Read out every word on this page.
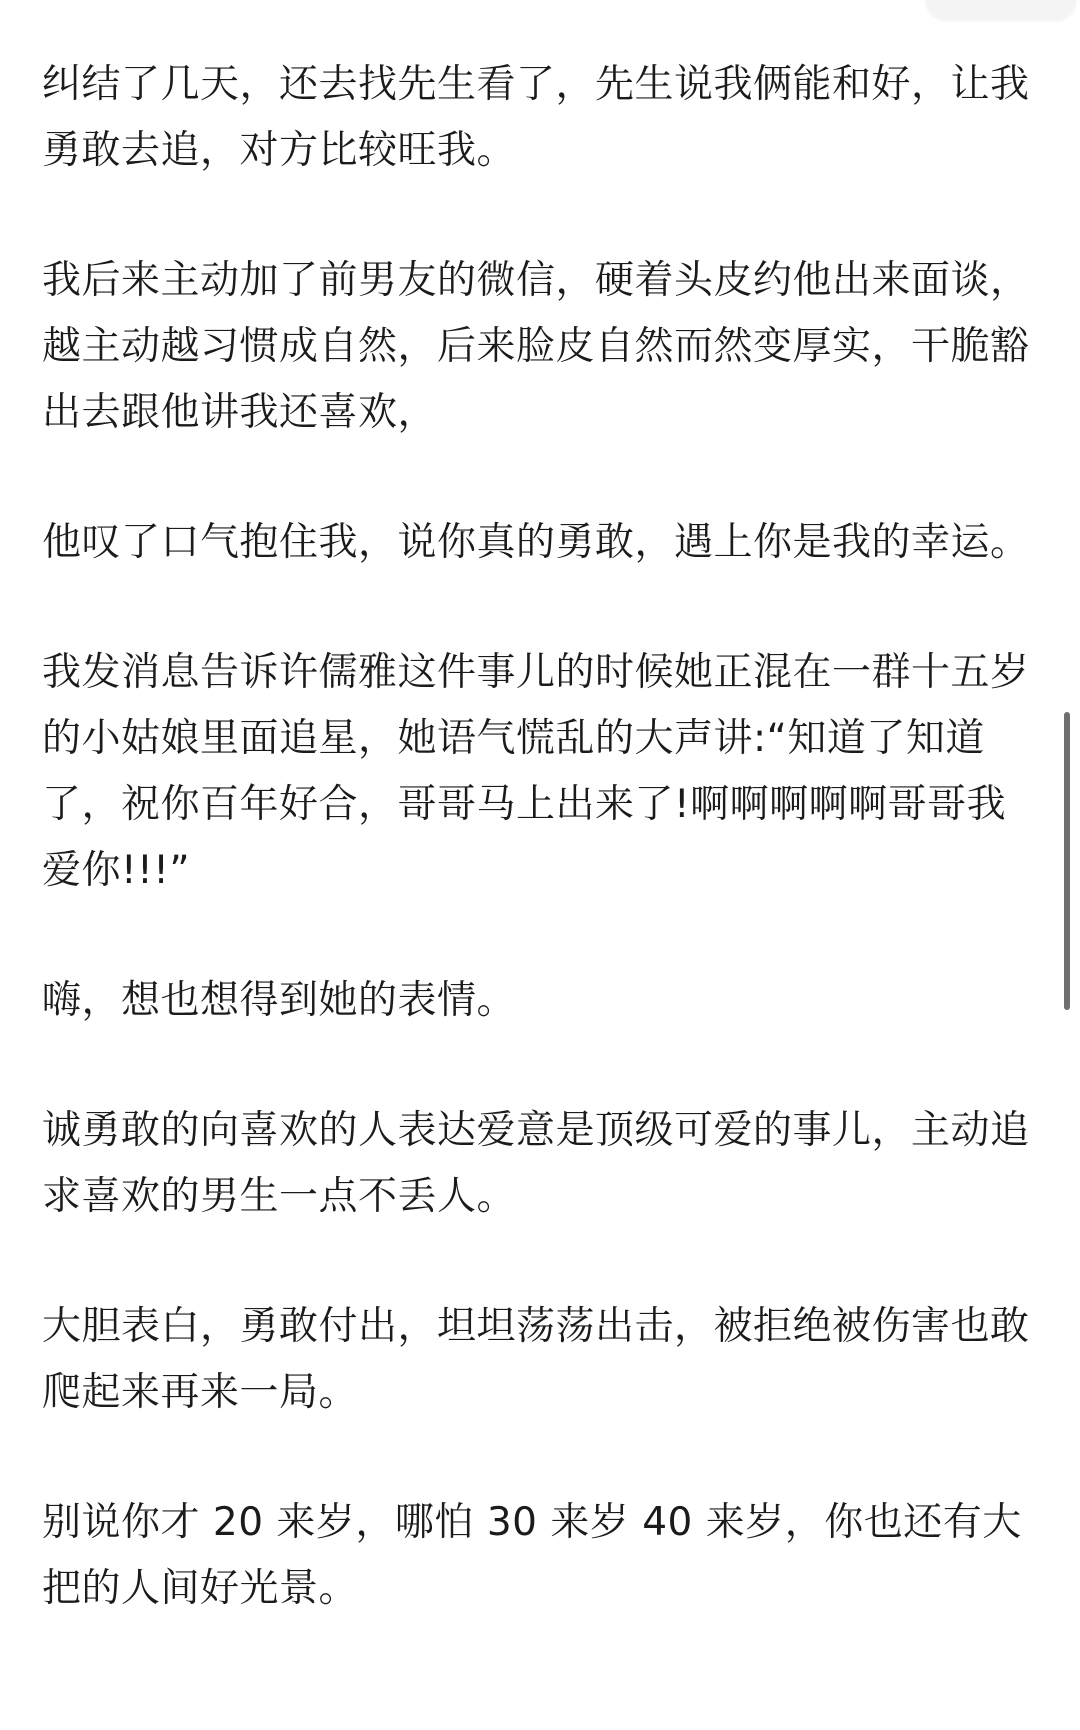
纠结了几天，还去找先生看了，先生说我俩能和好，让我勇敢去追，对方比较旺我。

我后来主动加了前男友的微信，硬着头皮约他出来面谈，越主动越习惯成自然，后来脸皮自然而然变厚实，干脆豁出去跟他讲我还喜欢，

他叹了口气抱住我，说你真的勇敢，遇上你是我的幸运。

我发消息告诉许儒雅这件事儿的时候她正混在一群十五岁的小姑娘里面追星，她语气慌乱的大声讲:“知道了知道了，祝你百年好合，哥哥马上出来了!啊啊啊啊啊哥哥我爱你!!!”

嗨，想也想得到她的表情。

诚勇敢的向喜欢的人表达爱意是顶级可爱的事儿，主动追求喜欢的男生一点不丢人。

大胆表白，勇敢付出，坦坦荡荡出击，被拒绝被伤害也敢爬起来再来一局。

别说你才 20 来岁，哪怕 30 来岁 40 来岁，你也还有大把的人间好光景。
